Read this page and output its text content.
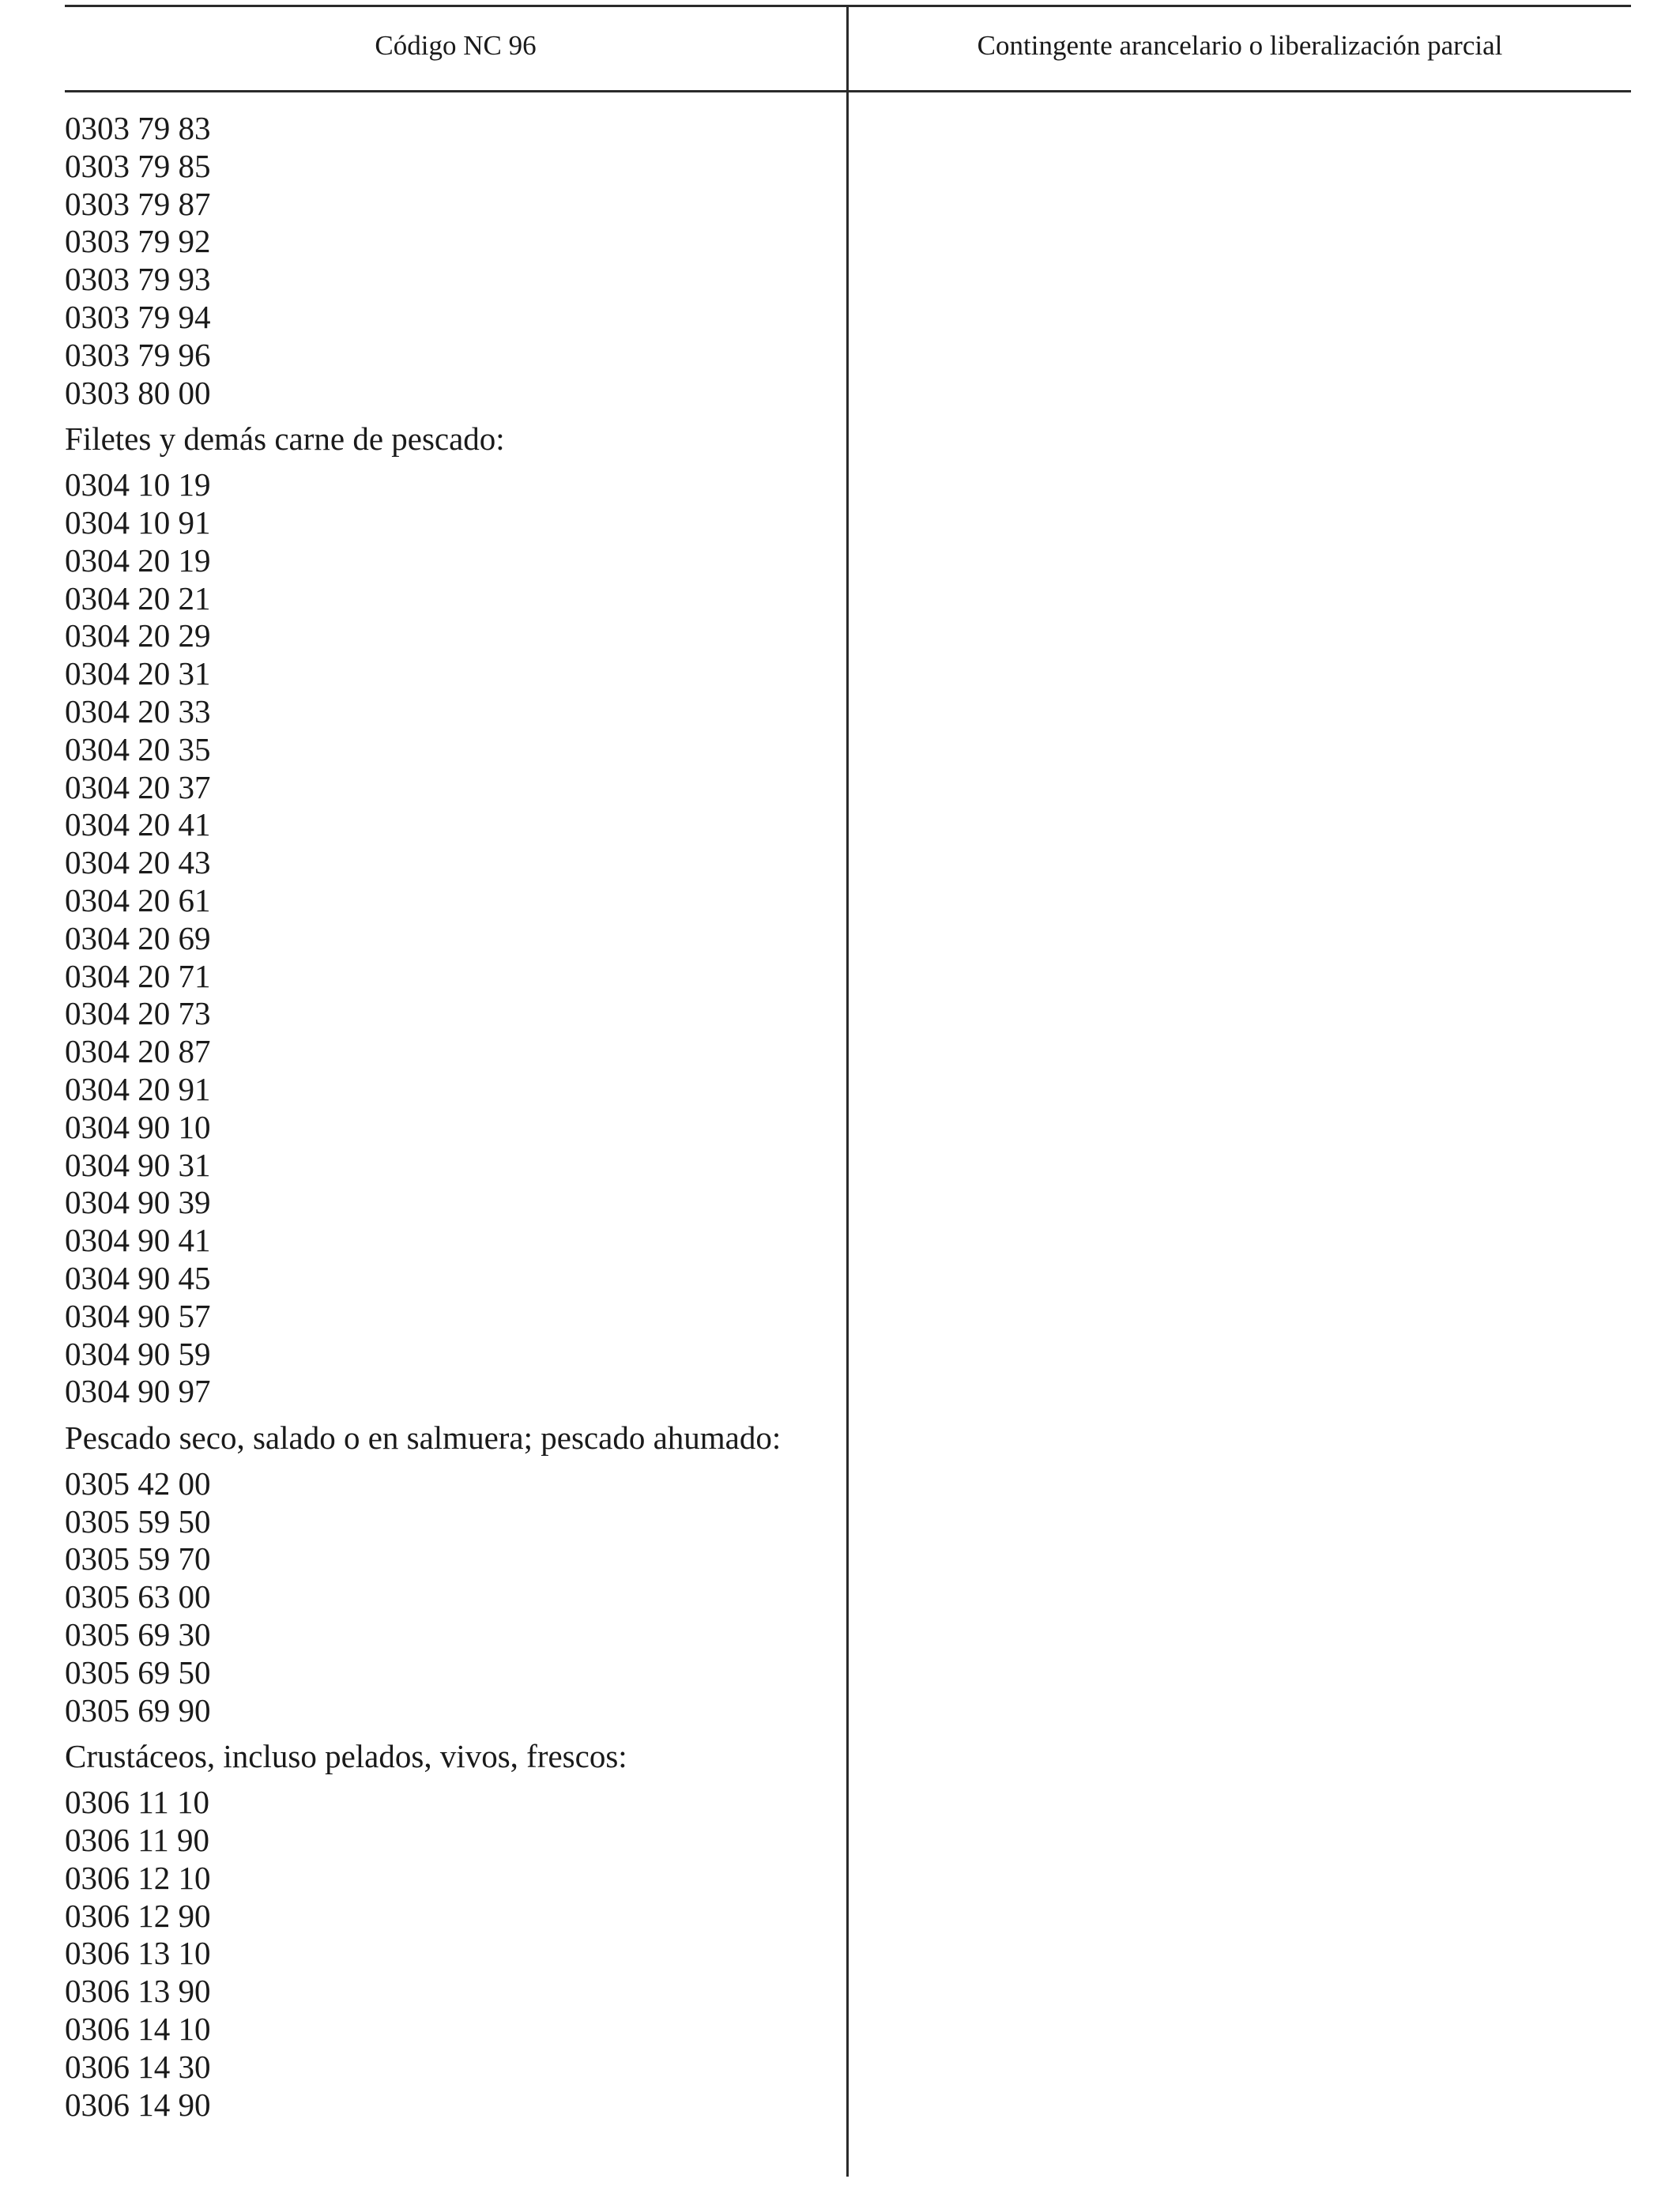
Código NC 96	Contingente arancelario o liberalización parcial
0303 79 83
0303 79 85
0303 79 87
0303 79 92
0303 79 93
0303 79 94
0303 79 96
0303 80 00
Filetes y demás carne de pescado:
0304 10 19
0304 10 91
0304 20 19
0304 20 21
0304 20 29
0304 20 31
0304 20 33
0304 20 35
0304 20 37
0304 20 41
0304 20 43
0304 20 61
0304 20 69
0304 20 71
0304 20 73
0304 20 87
0304 20 91
0304 90 10
0304 90 31
0304 90 39
0304 90 41
0304 90 45
0304 90 57
0304 90 59
0304 90 97
Pescado seco, salado o en salmuera; pescado ahumado:
0305 42 00
0305 59 50
0305 59 70
0305 63 00
0305 69 30
0305 69 50
0305 69 90
Crustáceos, incluso pelados, vivos, frescos:
0306 11 10
0306 11 90
0306 12 10
0306 12 90
0306 13 10
0306 13 90
0306 14 10
0306 14 30
0306 14 90
